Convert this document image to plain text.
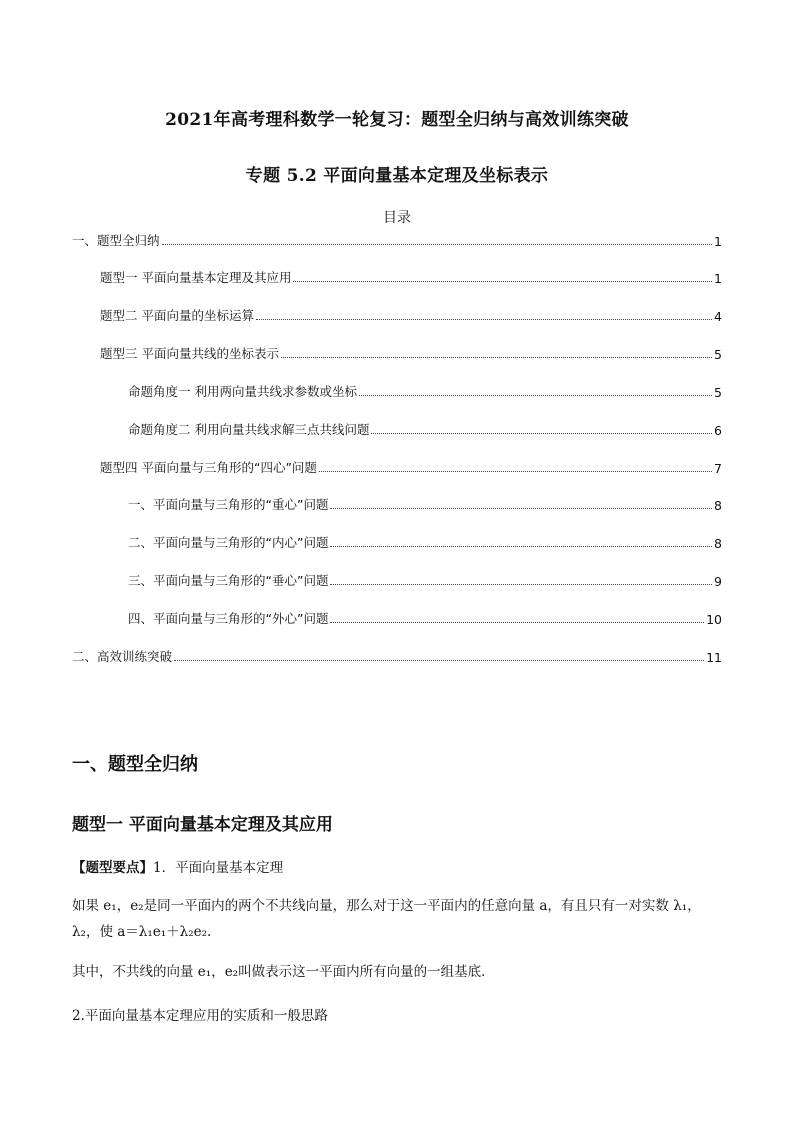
2021年高考理科数学一轮复习：题型全归纳与高效训练突破
专题 5.2 平面向量基本定理及坐标表示
目录
一、题型全归纳	1
题型一 平面向量基本定理及其应用	1
题型二 平面向量的坐标运算	4
题型三 平面向量共线的坐标表示	5
命题角度一 利用两向量共线求参数或坐标	5
命题角度二 利用向量共线求解三点共线问题	6
题型四 平面向量与三角形的“四心”问题	7
一、平面向量与三角形的“重心”问题	8
二、平面向量与三角形的“内心”问题	8
三、平面向量与三角形的“垂心”问题	9
四、平面向量与三角形的“外心”问题	10
二、高效训练突破	11
一、题型全归纳
题型一 平面向量基本定理及其应用
【题型要点】1．平面向量基本定理
如果 e₁，e₂是同一平面内的两个不共线向量，那么对于这一平面内的任意向量 a，有且只有一对实数 λ₁，λ₂，使 a＝λ₁e₁＋λ₂e₂.
其中，不共线的向量 e₁，e₂叫做表示这一平面内所有向量的一组基底．
2.平面向量基本定理应用的实质和一般思路
